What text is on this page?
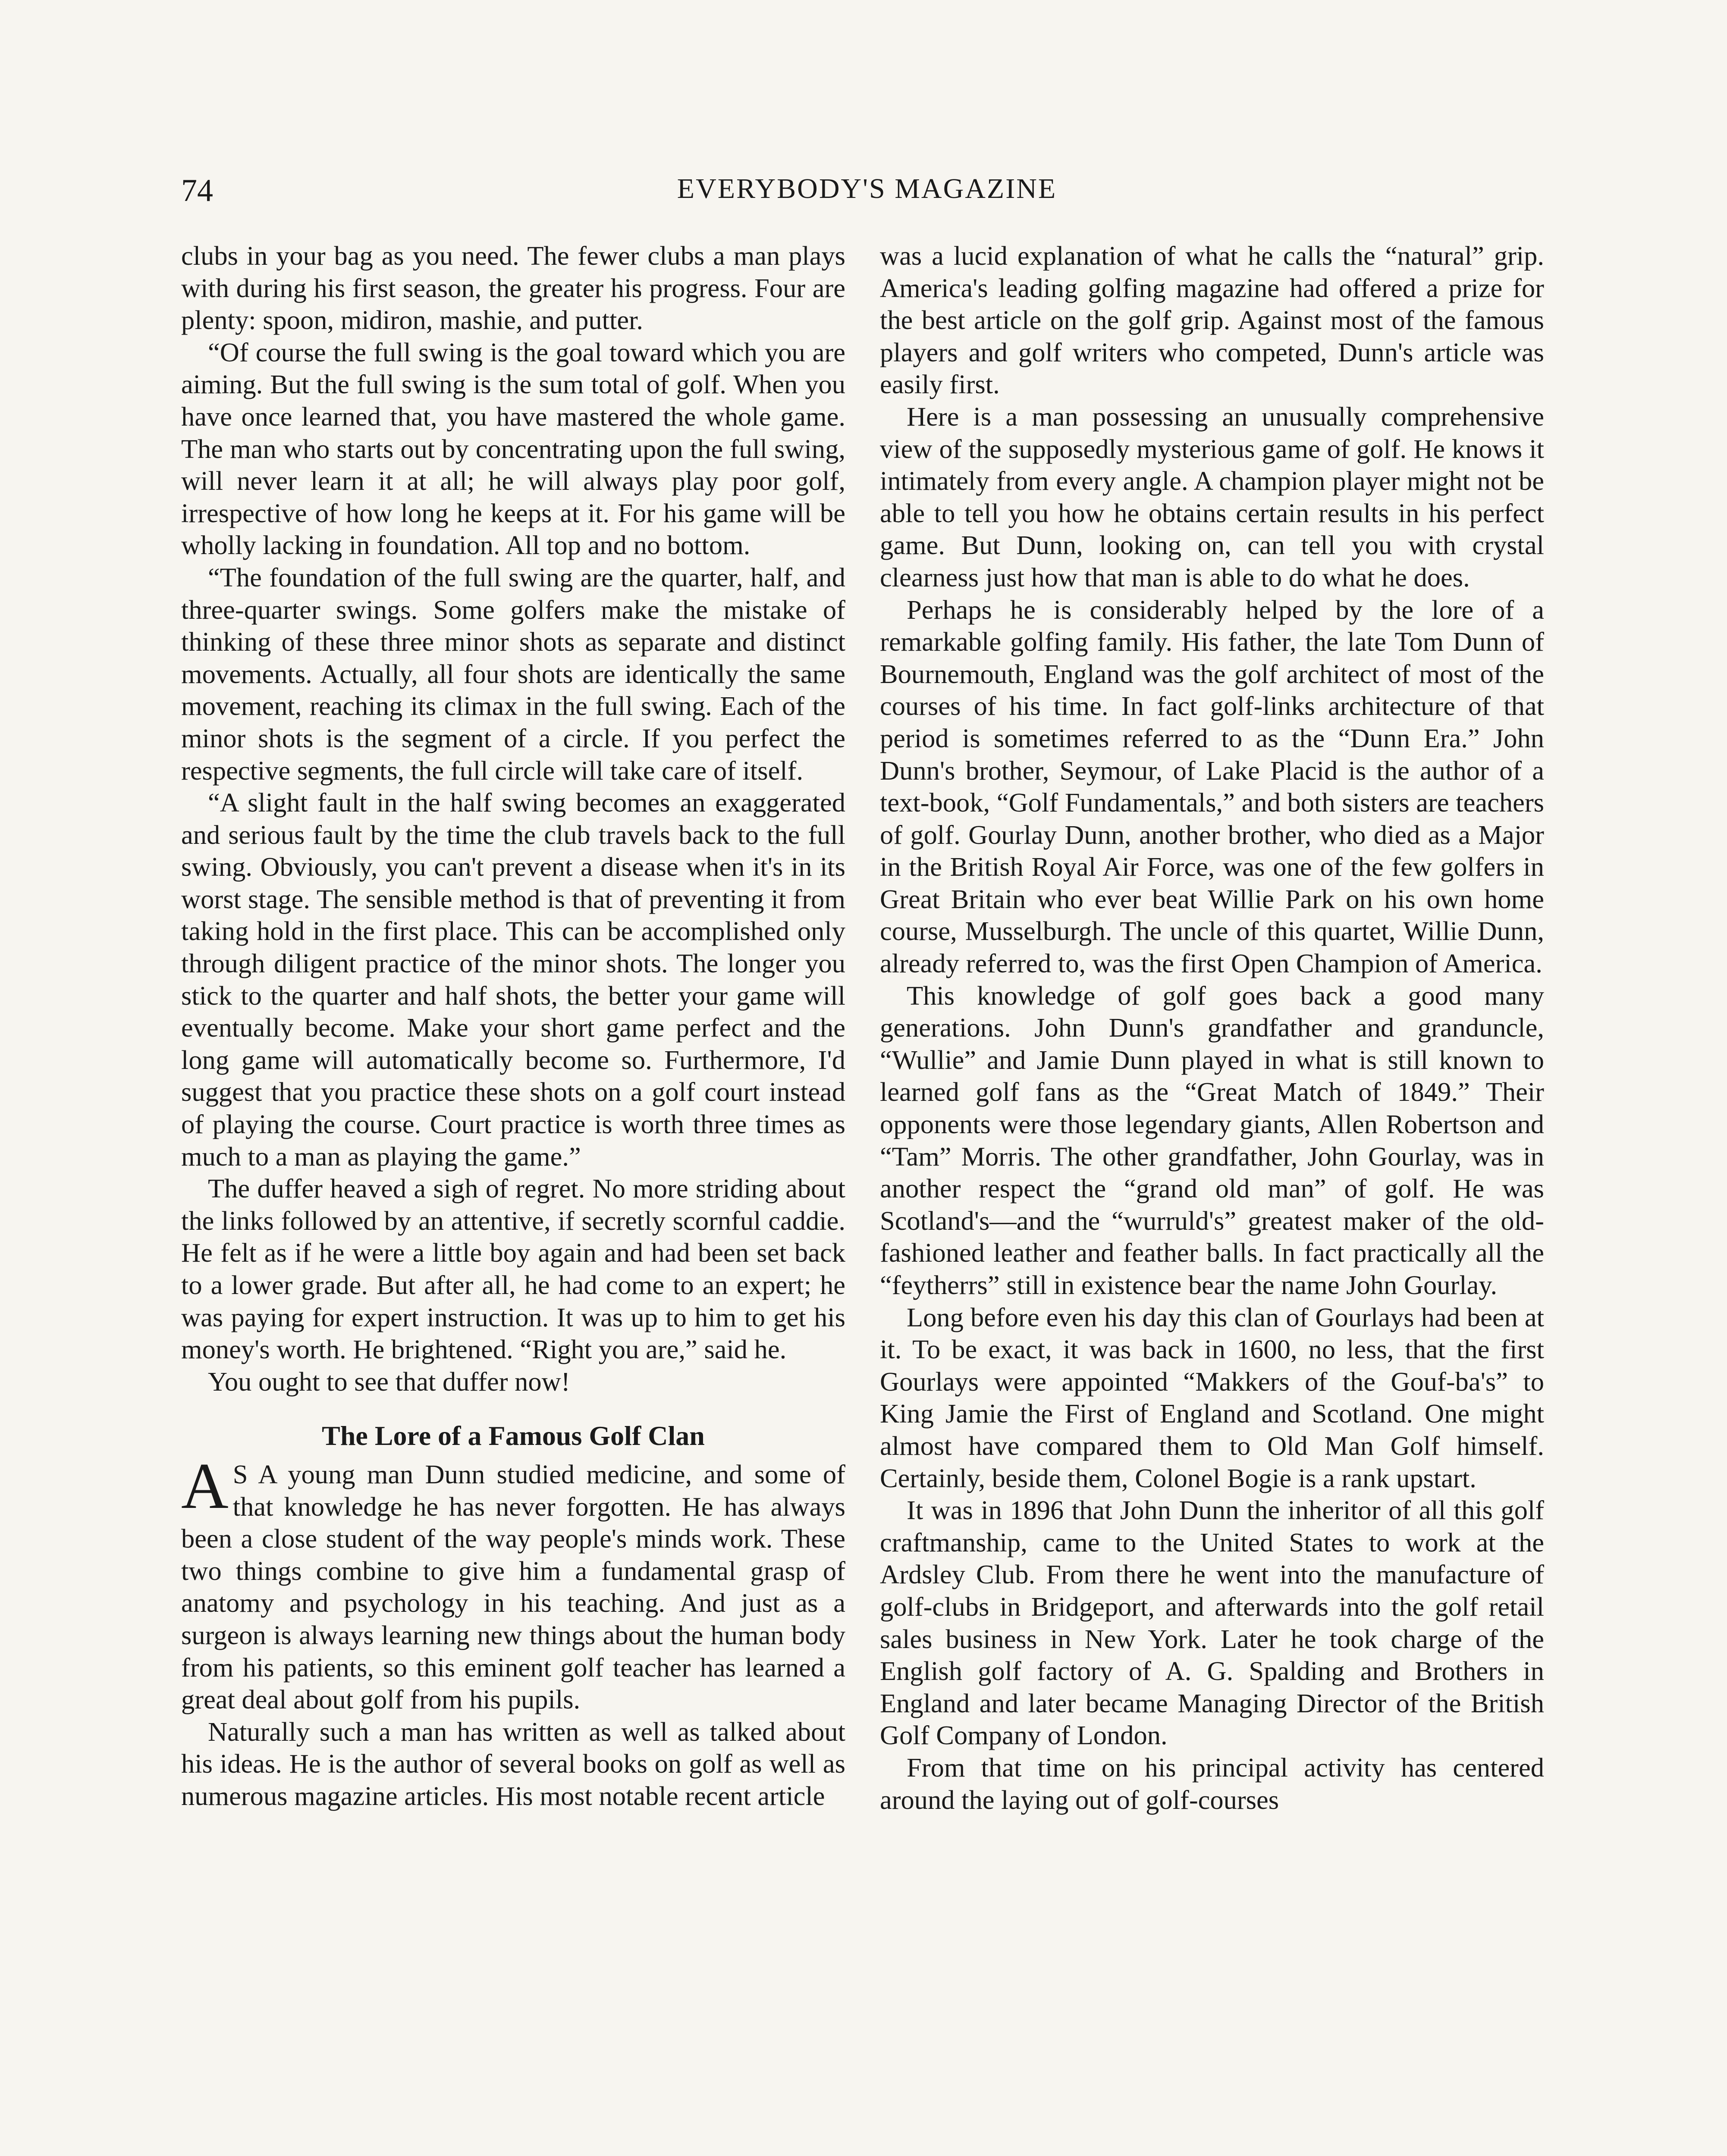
74	EVERYBODY'S MAGAZINE

clubs in your bag as you need. The fewer clubs a man plays with during his first season, the greater his progress. Four are plenty: spoon, midiron, mashie, and putter.

“Of course the full swing is the goal toward which you are aiming. But the full swing is the sum total of golf. When you have once learned that, you have mastered the whole game. The man who starts out by concentrating upon the full swing, will never learn it at all; he will always play poor golf, irrespective of how long he keeps at it. For his game will be wholly lacking in foundation. All top and no bottom.

“The foundation of the full swing are the quarter, half, and three-quarter swings. Some golfers make the mistake of thinking of these three minor shots as separate and distinct movements. Actually, all four shots are identically the same movement, reaching its climax in the full swing. Each of the minor shots is the segment of a circle. If you perfect the respective segments, the full circle will take care of itself.

“A slight fault in the half swing becomes an exaggerated and serious fault by the time the club travels back to the full swing. Obviously, you can't prevent a disease when it's in its worst stage. The sensible method is that of preventing it from taking hold in the first place. This can be accomplished only through diligent practice of the minor shots. The longer you stick to the quarter and half shots, the better your game will eventually become. Make your short game perfect and the long game will automatically become so. Furthermore, I'd suggest that you practice these shots on a golf court instead of playing the course. Court practice is worth three times as much to a man as playing the game.”

The duffer heaved a sigh of regret. No more striding about the links followed by an attentive, if secretly scornful caddie. He felt as if he were a little boy again and had been set back to a lower grade. But after all, he had come to an expert; he was paying for expert instruction. It was up to him to get his money's worth. He brightened. “Right you are,” said he.

You ought to see that duffer now!

The Lore of a Famous Golf Clan

A S A young man Dunn studied medicine, and some of that knowledge he has never forgotten. He has always been a close student of the way people's minds work. These two things combine to give him a fundamental grasp of anatomy and psychology in his teaching. And just as a surgeon is always learning new things about the human body from his patients, so this eminent golf teacher has learned a great deal about golf from his pupils.

Naturally such a man has written as well as talked about his ideas. He is the author of several books on golf as well as numerous magazine articles. His most notable recent article

was a lucid explanation of what he calls the “natural” grip. America's leading golfing magazine had offered a prize for the best article on the golf grip. Against most of the famous players and golf writers who competed, Dunn's article was easily first.

Here is a man possessing an unusually comprehensive view of the supposedly mysterious game of golf. He knows it intimately from every angle. A champion player might not be able to tell you how he obtains certain results in his perfect game. But Dunn, looking on, can tell you with crystal clearness just how that man is able to do what he does.

Perhaps he is considerably helped by the lore of a remarkable golfing family. His father, the late Tom Dunn of Bournemouth, England was the golf architect of most of the courses of his time. In fact golf-links architecture of that period is sometimes referred to as the “Dunn Era.” John Dunn's brother, Seymour, of Lake Placid is the author of a text-book, “Golf Fundamentals,” and both sisters are teachers of golf. Gourlay Dunn, another brother, who died as a Major in the British Royal Air Force, was one of the few golfers in Great Britain who ever beat Willie Park on his own home course, Musselburgh. The uncle of this quartet, Willie Dunn, already referred to, was the first Open Champion of America.

This knowledge of golf goes back a good many generations. John Dunn's grandfather and granduncle, “Wullie” and Jamie Dunn played in what is still known to learned golf fans as the “Great Match of 1849.” Their opponents were those legendary giants, Allen Robertson and “Tam” Morris. The other grandfather, John Gourlay, was in another respect the “grand old man” of golf. He was Scotland's—and the “wurruld's” greatest maker of the old-fashioned leather and feather balls. In fact practically all the “feytherrs” still in existence bear the name John Gourlay.

Long before even his day this clan of Gourlays had been at it. To be exact, it was back in 1600, no less, that the first Gourlays were appointed “Makkers of the Gouf-ba's” to King Jamie the First of England and Scotland. One might almost have compared them to Old Man Golf himself. Certainly, beside them, Colonel Bogie is a rank upstart.

It was in 1896 that John Dunn the inheritor of all this golf craftmanship, came to the United States to work at the Ardsley Club. From there he went into the manufacture of golf-clubs in Bridgeport, and afterwards into the golf retail sales business in New York. Later he took charge of the English golf factory of A. G. Spalding and Brothers in England and later became Managing Director of the British Golf Company of London.

From that time on his principal activity has centered around the laying out of golf-courses
